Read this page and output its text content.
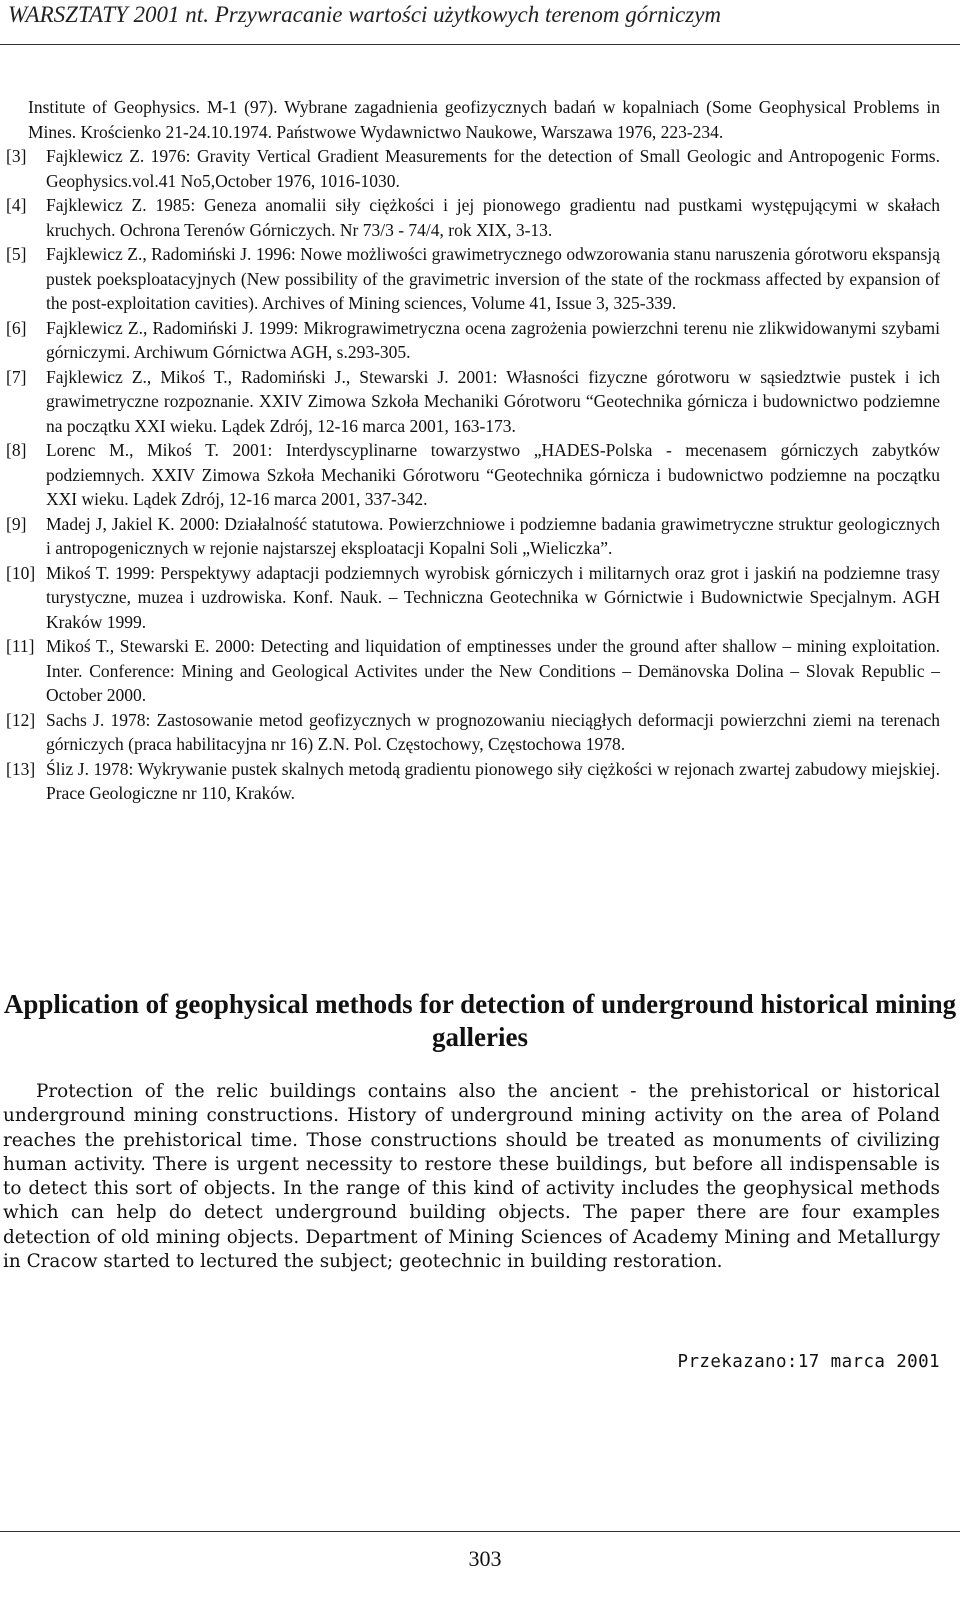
WARSZTATY 2001 nt. Przywracanie wartości użytkowych terenom górniczym
Institute of Geophysics. M-1 (97). Wybrane zagadnienia geofizycznych badań w kopalniach (Some Geophysical Problems in Mines. Krościenko 21-24.10.1974. Państwowe Wydawnictwo Naukowe, Warszawa 1976, 223-234.
[3]	Fajklewicz Z. 1976: Gravity Vertical Gradient Measurements for the detection of Small Geologic and Antropogenic Forms. Geophysics.vol.41 No5,October 1976, 1016-1030.
[4]	Fajklewicz Z. 1985: Geneza anomalii siły ciężkości i jej pionowego gradientu nad pustkami występującymi w skałach kruchych. Ochrona Terenów Górniczych. Nr 73/3 - 74/4, rok XIX, 3-13.
[5]	Fajklewicz Z., Radomiński J. 1996: Nowe możliwości grawimetrycznego odwzorowania stanu naruszenia górotworu ekspansją pustek poeksploatacyjnych (New possibility of the gravimetric inversion of the state of the rockmass affected by expansion of the post-exploitation cavities). Archives of Mining sciences, Volume 41, Issue 3, 325-339.
[6]	Fajklewicz Z., Radomiński J. 1999: Mikrograwimetryczna ocena zagrożenia powierzchni terenu nie zlikwidowanymi szybami górniczymi. Archiwum Górnictwa AGH, s.293-305.
[7]	Fajklewicz Z., Mikoś T., Radomiński J., Stewarski J. 2001: Własności fizyczne górotworu w sąsiedztwie pustek i ich grawimetryczne rozpoznanie. XXIV Zimowa Szkoła Mechaniki Górotworu “Geotechnika górnicza i budownictwo podziemne na początku XXI wieku. Lądek Zdrój, 12-16 marca 2001, 163-173.
[8]	Lorenc M., Mikoś T. 2001: Interdyscyplinarne towarzystwo „HADES-Polska - mecenasem górniczych zabytków podziemnych. XXIV Zimowa Szkoła Mechaniki Górotworu “Geotechnika górnicza i budownictwo podziemne na początku XXI wieku. Lądek Zdrój, 12-16 marca 2001, 337-342.
[9]	Madej J, Jakiel K. 2000: Działalność statutowa. Powierzchniowe i podziemne badania grawimetryczne struktur geologicznych i antropogenicznych w rejonie najstarszej eksploatacji Kopalni Soli „Wieliczka”.
[10] Mikoś T. 1999: Perspektywy adaptacji podziemnych wyrobisk górniczych i militarnych oraz grot i jaskiń na podziemne trasy turystyczne, muzea i uzdrowiska. Konf. Nauk. – Techniczna Geotechnika w Górnictwie i Budownictwie Specjalnym. AGH Kraków 1999.
[11] Mikoś T., Stewarski E. 2000: Detecting and liquidation of emptinesses under the ground after shallow – mining exploitation. Inter. Conference: Mining and Geological Activites under the New Conditions – Demänovska Dolina – Slovak Republic – October 2000.
[12] Sachs J. 1978: Zastosowanie metod geofizycznych w prognozowaniu nieciągłych deformacji powierzchni ziemi na terenach górniczych (praca habilitacyjna nr 16) Z.N. Pol. Częstochowy, Częstochowa 1978.
[13] Śliz J. 1978: Wykrywanie pustek skalnych metodą gradientu pionowego siły ciężkości w rejonach zwartej zabudowy miejskiej. Prace Geologiczne nr 110, Kraków.
Application of geophysical methods for detection of underground historical mining galleries

Protection of the relic buildings contains also the ancient - the prehistorical or historical underground mining constructions. History of underground mining activity on the area of Poland reaches the prehistorical time. Those constructions should be treated as monuments of civilizing human activity. There is urgent necessity to restore these buildings, but before all indispensable is to detect this sort of objects. In the range of this kind of activity includes the geophysical methods which can help do detect underground building objects. The paper there are four examples detection of old mining objects. Department of Mining Sciences of Academy Mining and Metallurgy in Cracow started to lectured the subject; geotechnic in building restoration.

Przekazano:17 marca 2001
303
